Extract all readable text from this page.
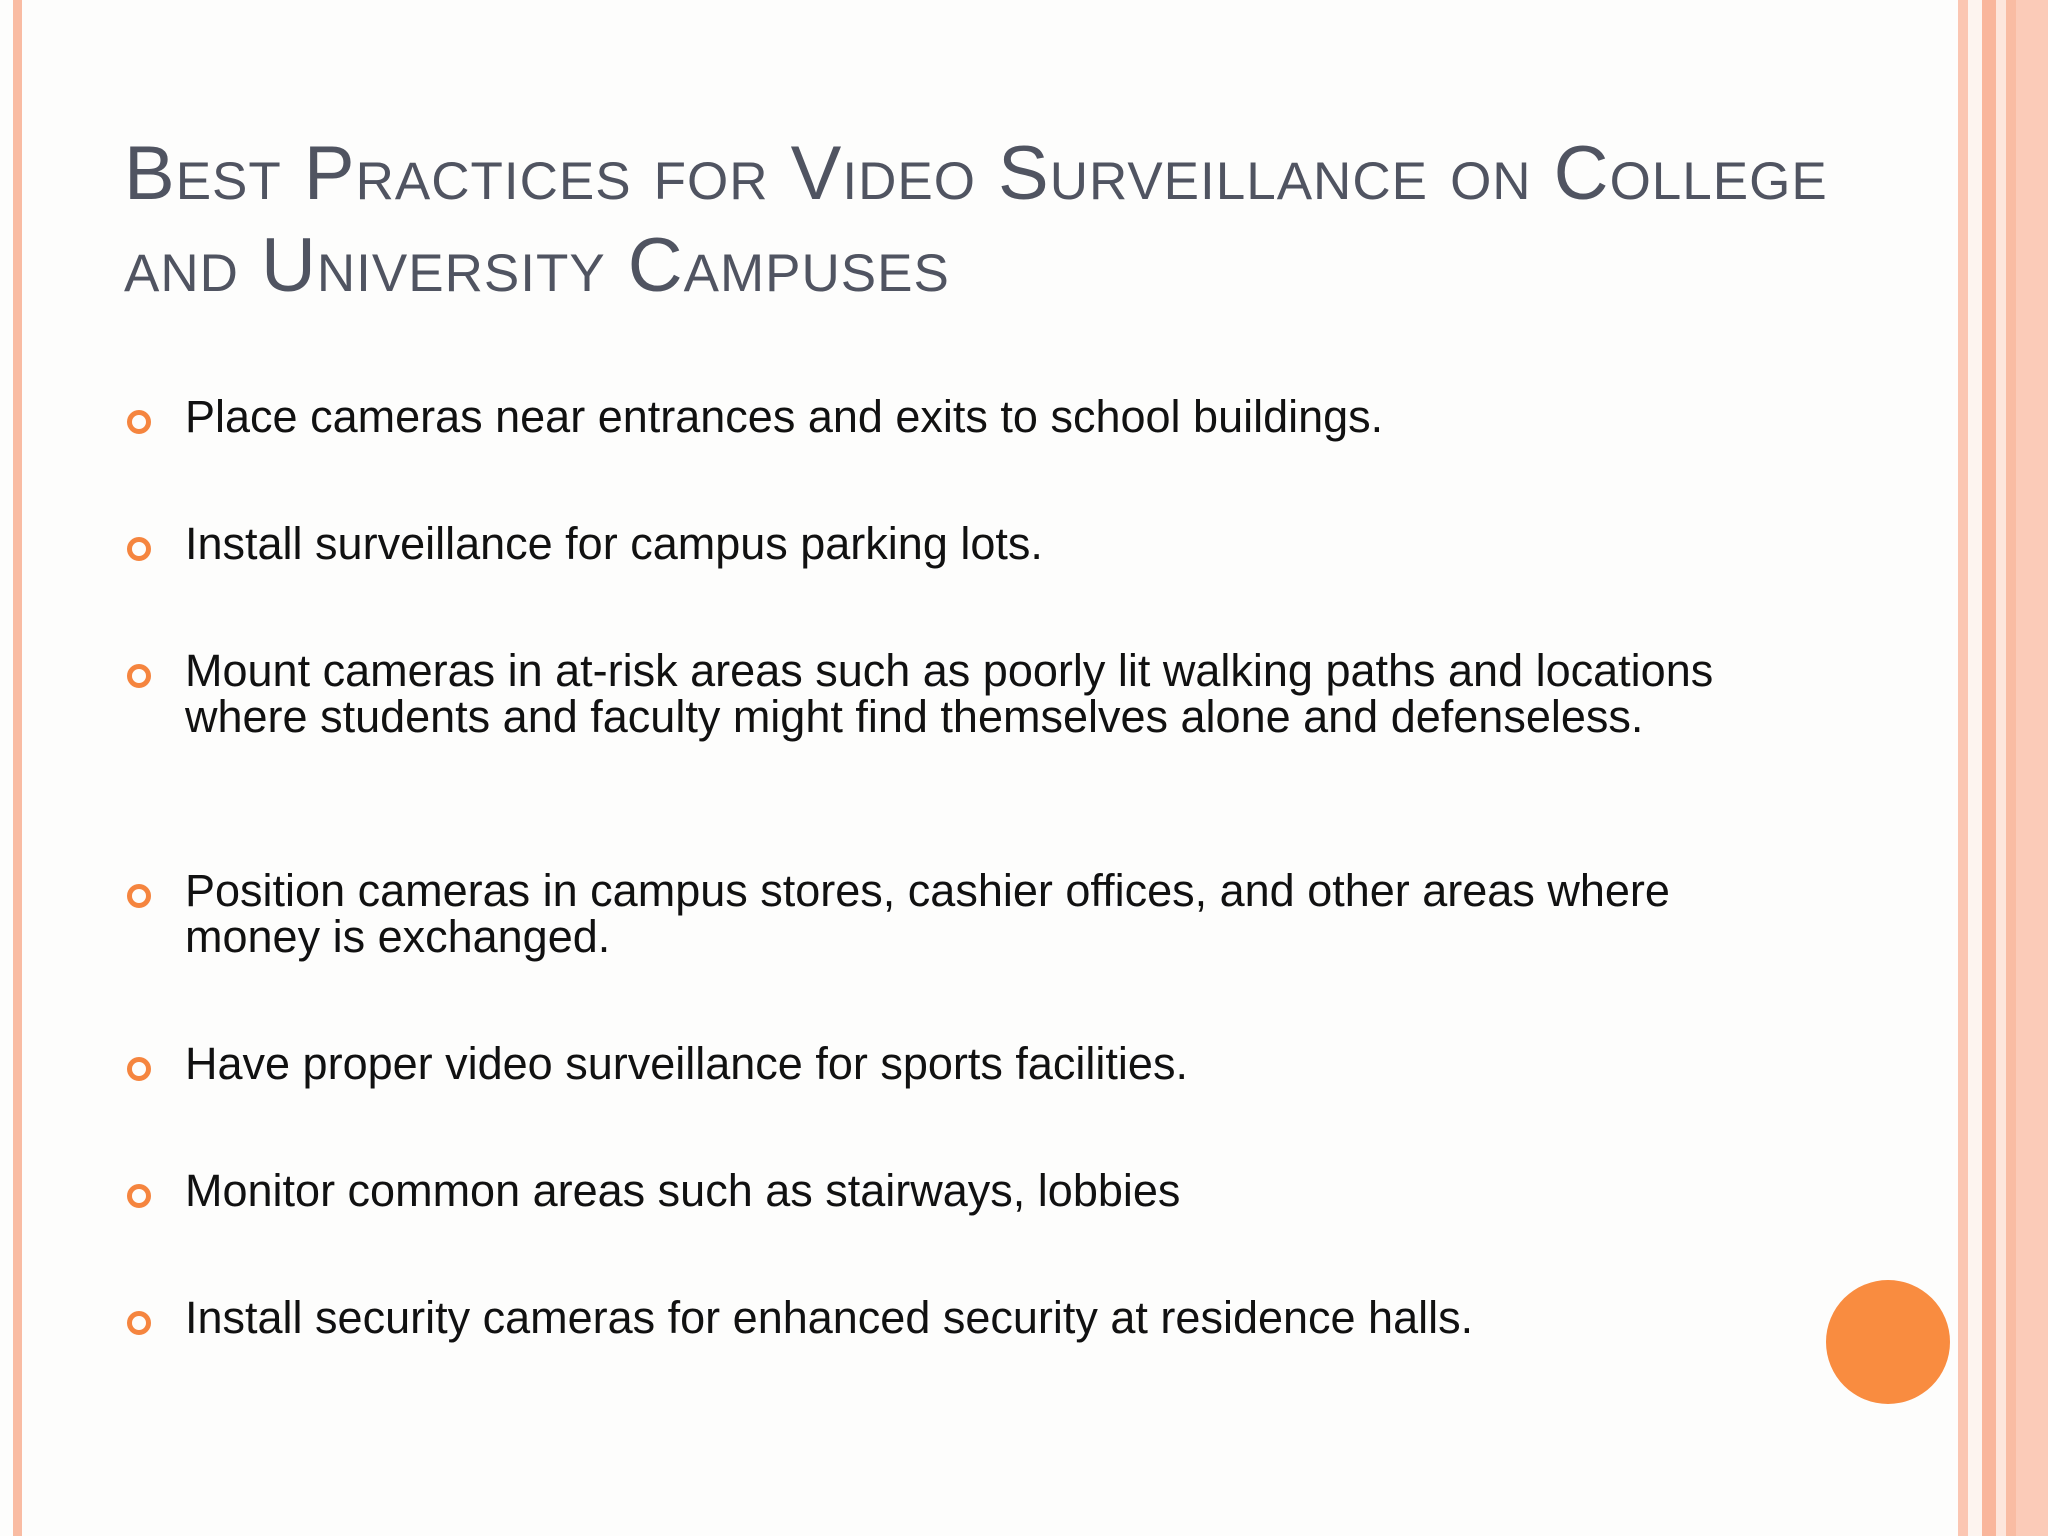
Best Practices for Video Surveillance on College and University Campuses
Place cameras near entrances and exits to school buildings.
Install surveillance for campus parking lots.
Mount cameras in at-risk areas such as poorly lit walking paths and locations where students and faculty might find themselves alone and defenseless.
Position cameras in campus stores, cashier offices, and other areas where money is exchanged.
Have proper video surveillance for sports facilities.
Monitor common areas such as stairways, lobbies
Install security cameras for enhanced security at residence halls.
